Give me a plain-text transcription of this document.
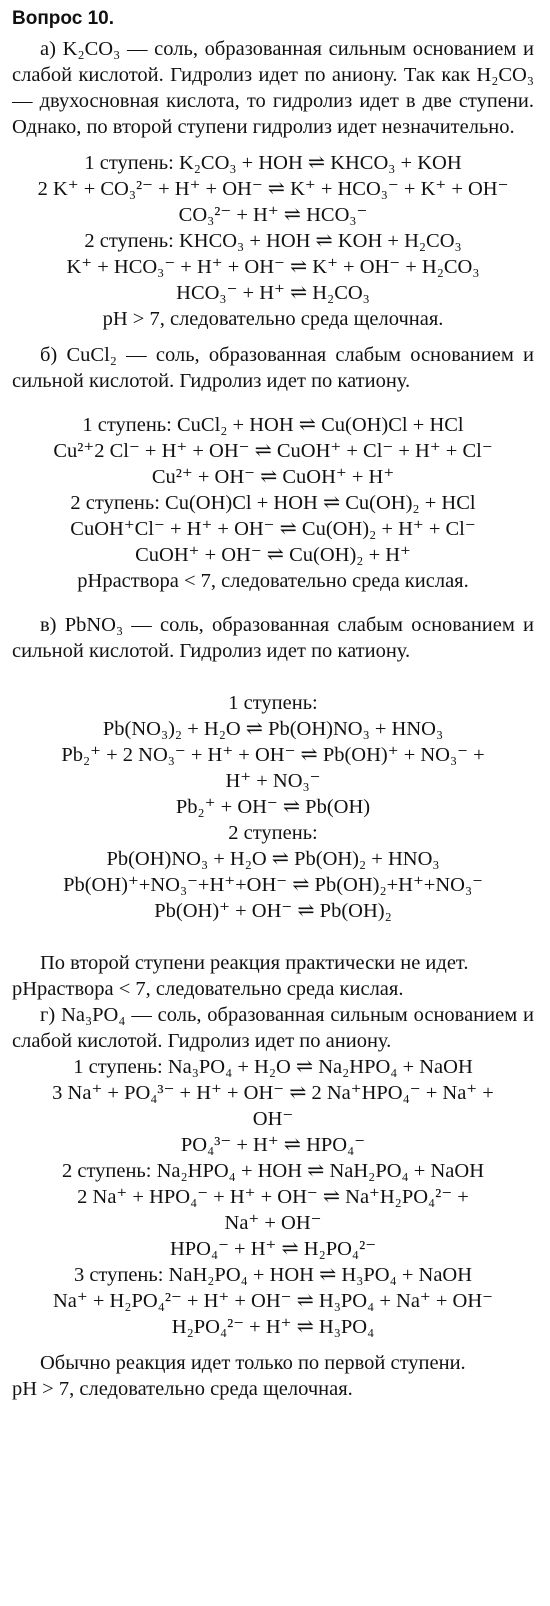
Вопрос 10.

а) K₂CO₃ — соль, образованная сильным основанием и слабой кислотой. Гидролиз идет по аниону. Так как H₂CO₃ — двухосновная кислота, то гидролиз идет в две ступени. Однако, по второй ступени гидролиз идет незначительно.

1 ступень: K₂CO₃ + HOH ⇌ KHCO₃ + KOH
2 K⁺ + CO₃²⁻ + H⁺ + OH⁻ ⇌ K⁺ + HCO₃⁻ + K⁺ + OH⁻
CO₃²⁻ + H⁺ ⇌ HCO₃⁻
2 ступень: KHCO₃ + HOH ⇌ KOH + H₂CO₃
K⁺ + HCO₃⁻ + H⁺ + OH⁻ ⇌ K⁺ + OH⁻ + H₂CO₃
HCO₃⁻ + H⁺ ⇌ H₂CO₃
pH > 7, следовательно среда щелочная.

б) CuCl₂ — соль, образованная слабым основанием и сильной кислотой. Гидролиз идет по катиону.

1 ступень: CuCl₂ + HOH ⇌ Cu(OH)Cl + HCl
Cu²⁺2 Cl⁻ + H⁺ + OH⁻ ⇌ CuOH⁺ + Cl⁻ + H⁺ + Cl⁻
Cu²⁺ + OH⁻ ⇌ CuOH⁺ + H⁺
2 ступень: Cu(OH)Cl + HOH ⇌ Cu(OH)₂ + HCl
CuOH⁺Cl⁻ + H⁺ + OH⁻ ⇌ Cu(OH)₂ + H⁺ + Cl⁻
CuOH⁺ + OH⁻ ⇌ Cu(OH)₂ + H⁺
pHраствора < 7, следовательно среда кислая.

в) PbNO₃ — соль, образованная слабым основанием и сильной кислотой. Гидролиз идет по катиону.

1 ступень:
Pb(NO₃)₂ + H₂O ⇌ Pb(OH)NO₃ + HNO₃
Pb₂⁺ + 2 NO₃⁻ + H⁺ + OH⁻ ⇌ Pb(OH)⁺ + NO₃⁻ +
H⁺ + NO₃⁻
Pb₂⁺ + OH⁻ ⇌ Pb(OH)
2 ступень:
Pb(OH)NO₃ + H₂O ⇌ Pb(OH)₂ + HNO₃
Pb(OH)⁺+NO₃⁻+H⁺+OH⁻ ⇌ Pb(OH)₂+H⁺+NO₃⁻
Pb(OH)⁺ + OH⁻ ⇌ Pb(OH)₂

По второй ступени реакция практически не идет.

pHраствора < 7, следовательно среда кислая.

г) Na₃PO₄ — соль, образованная сильным основанием и слабой кислотой. Гидролиз идет по аниону.

1 ступень: Na₃PO₄ + H₂O ⇌ Na₂HPO₄ + NaOH
3 Na⁺ + PO₄³⁻ + H⁺ + OH⁻ ⇌ 2 Na⁺HPO₄⁻ + Na⁺ +
OH⁻
PO₄³⁻ + H⁺ ⇌ HPO₄⁻
2 ступень: Na₂HPO₄ + HOH ⇌ NaH₂PO₄ + NaOH
2 Na⁺ + HPO₄⁻ + H⁺ + OH⁻ ⇌ Na⁺H₂PO₄²⁻ +
Na⁺ + OH⁻
HPO₄⁻ + H⁺ ⇌ H₂PO₄²⁻
3 ступень: NaH₂PO₄ + HOH ⇌ H₃PO₄ + NaOH
Na⁺ + H₂PO₄²⁻ + H⁺ + OH⁻ ⇌ H₃PO₄ + Na⁺ + OH⁻
H₂PO₄²⁻ + H⁺ ⇌ H₃PO₄

Обычно реакция идет только по первой ступени.

pH > 7, следовательно среда щелочная.
